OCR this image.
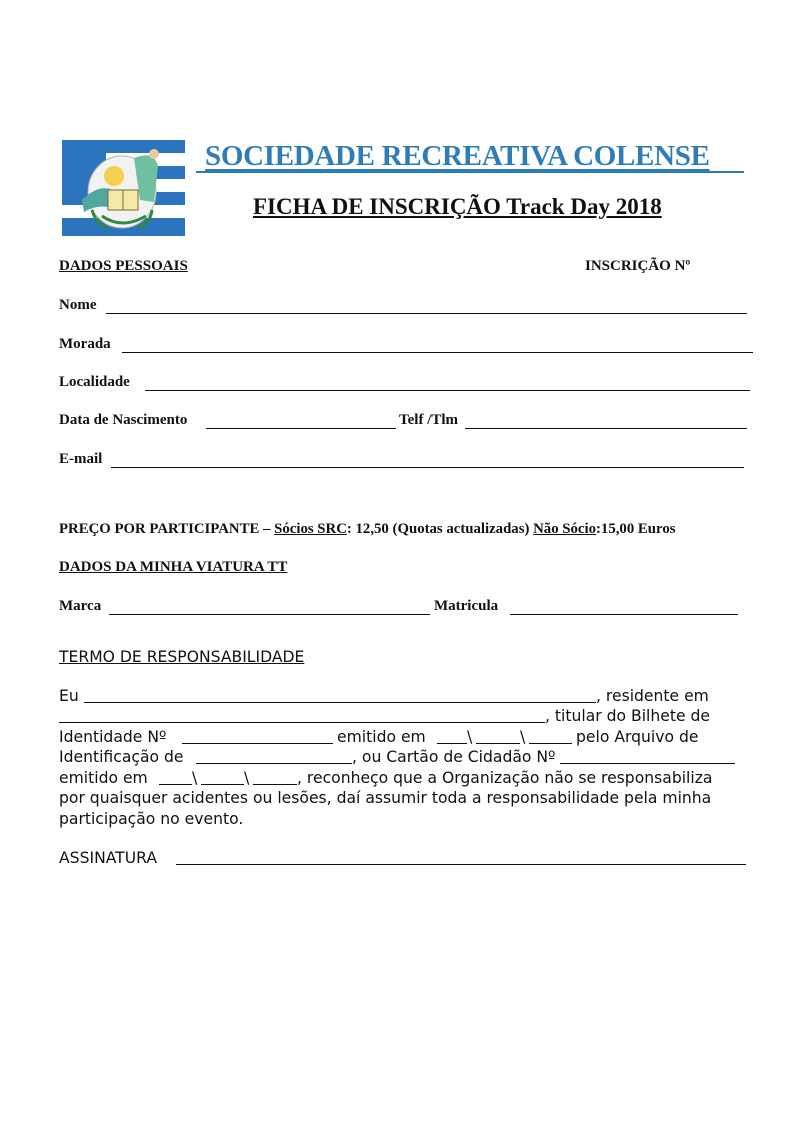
SOCIEDADE RECREATIVA COLENSE
FICHA DE INSCRIÇÃO Track Day 2018
DADOS PESSOAIS	INSCRIÇÃO Nº
Nome
Morada
Localidade
Data de Nascimento	Telf /Tlm
E-mail
PREÇO POR PARTICIPANTE – Sócios SRC: 12,50 (Quotas actualizadas) Não Sócio:15,00 Euros
DADOS DA MINHA VIATURA TT
Marca	Matricula
TERMO DE RESPONSABILIDADE
Eu	, residente em
, titular do Bilhete de
Identidade Nº	emitido em	\	\	pelo Arquivo de
Identificação de	, ou Cartão de Cidadão Nº
emitido em	\	\	, reconheço que a Organização não se responsabiliza
por quaisquer acidentes ou lesões, daí assumir toda a responsabilidade pela minha
participação no evento.
ASSINATURA
